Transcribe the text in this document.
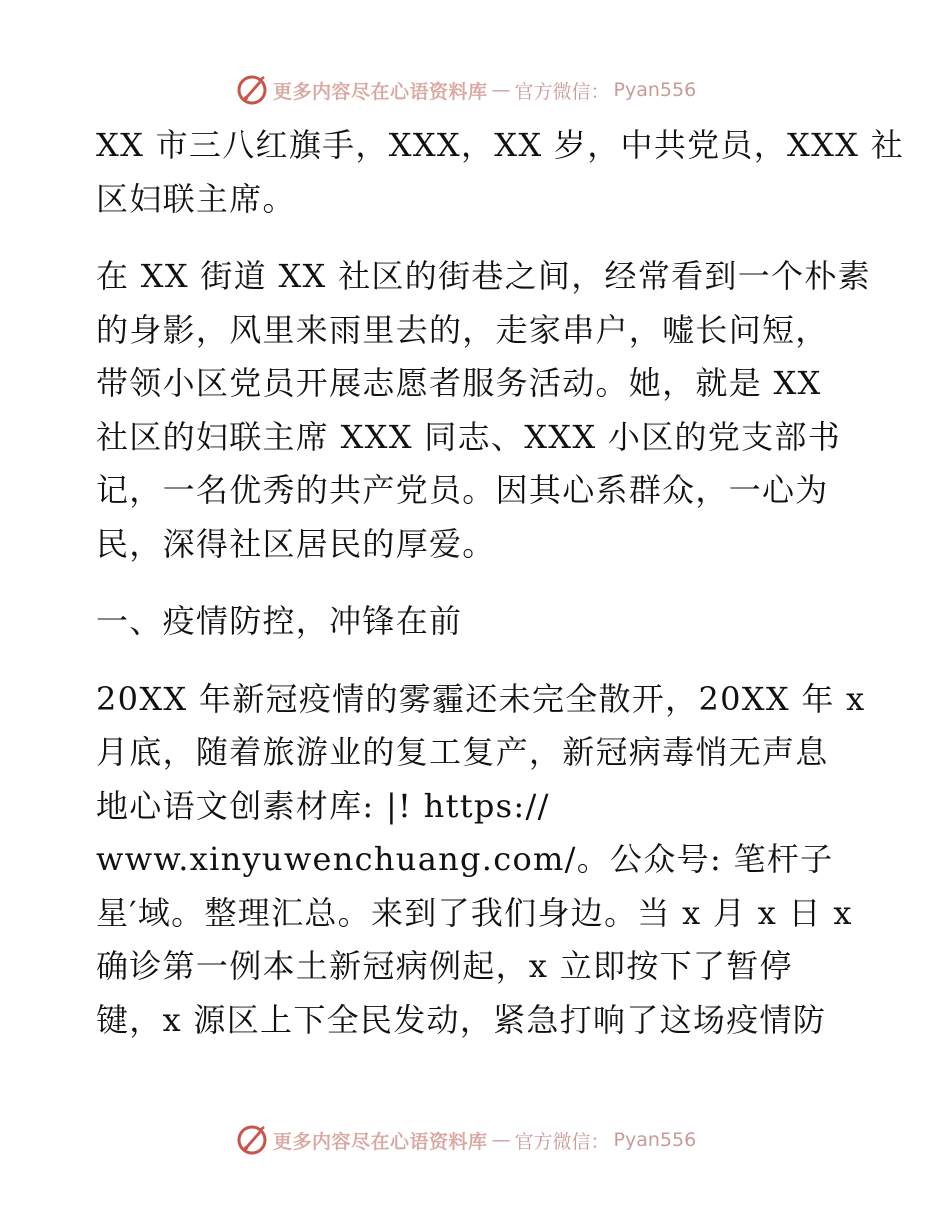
更多内容尽在心语资料库 — 官方微信： Pyan556
XX 市三八红旗手，XXX，XX 岁，中共党员，XXX 社
区妇联主席。
在 XX 街道 XX 社区的街巷之间，经常看到一个朴素
的身影，风里来雨里去的，走家串户，嘘长问短，
带领小区党员开展志愿者服务活动。她，就是 XX
社区的妇联主席 XXX 同志、XXX 小区的党支部书
记，一名优秀的共产党员。因其心系群众，一心为
民，深得社区居民的厚爱。
一、疫情防控，冲锋在前
20XX 年新冠疫情的雾霾还未完全散开，20XX 年 x
月底，随着旅游业的复工复产，新冠病毒悄无声息
地心语文创素材库: |! https://
www.xinyuwenchuang.com/。公众号: 笔杆子
星′域。整理汇总。来到了我们身边。当 x 月 x 日 x
确诊第一例本土新冠病例起，x 立即按下了暂停
键，x 源区上下全民发动，紧急打响了这场疫情防
更多内容尽在心语资料库 — 官方微信： Pyan556
